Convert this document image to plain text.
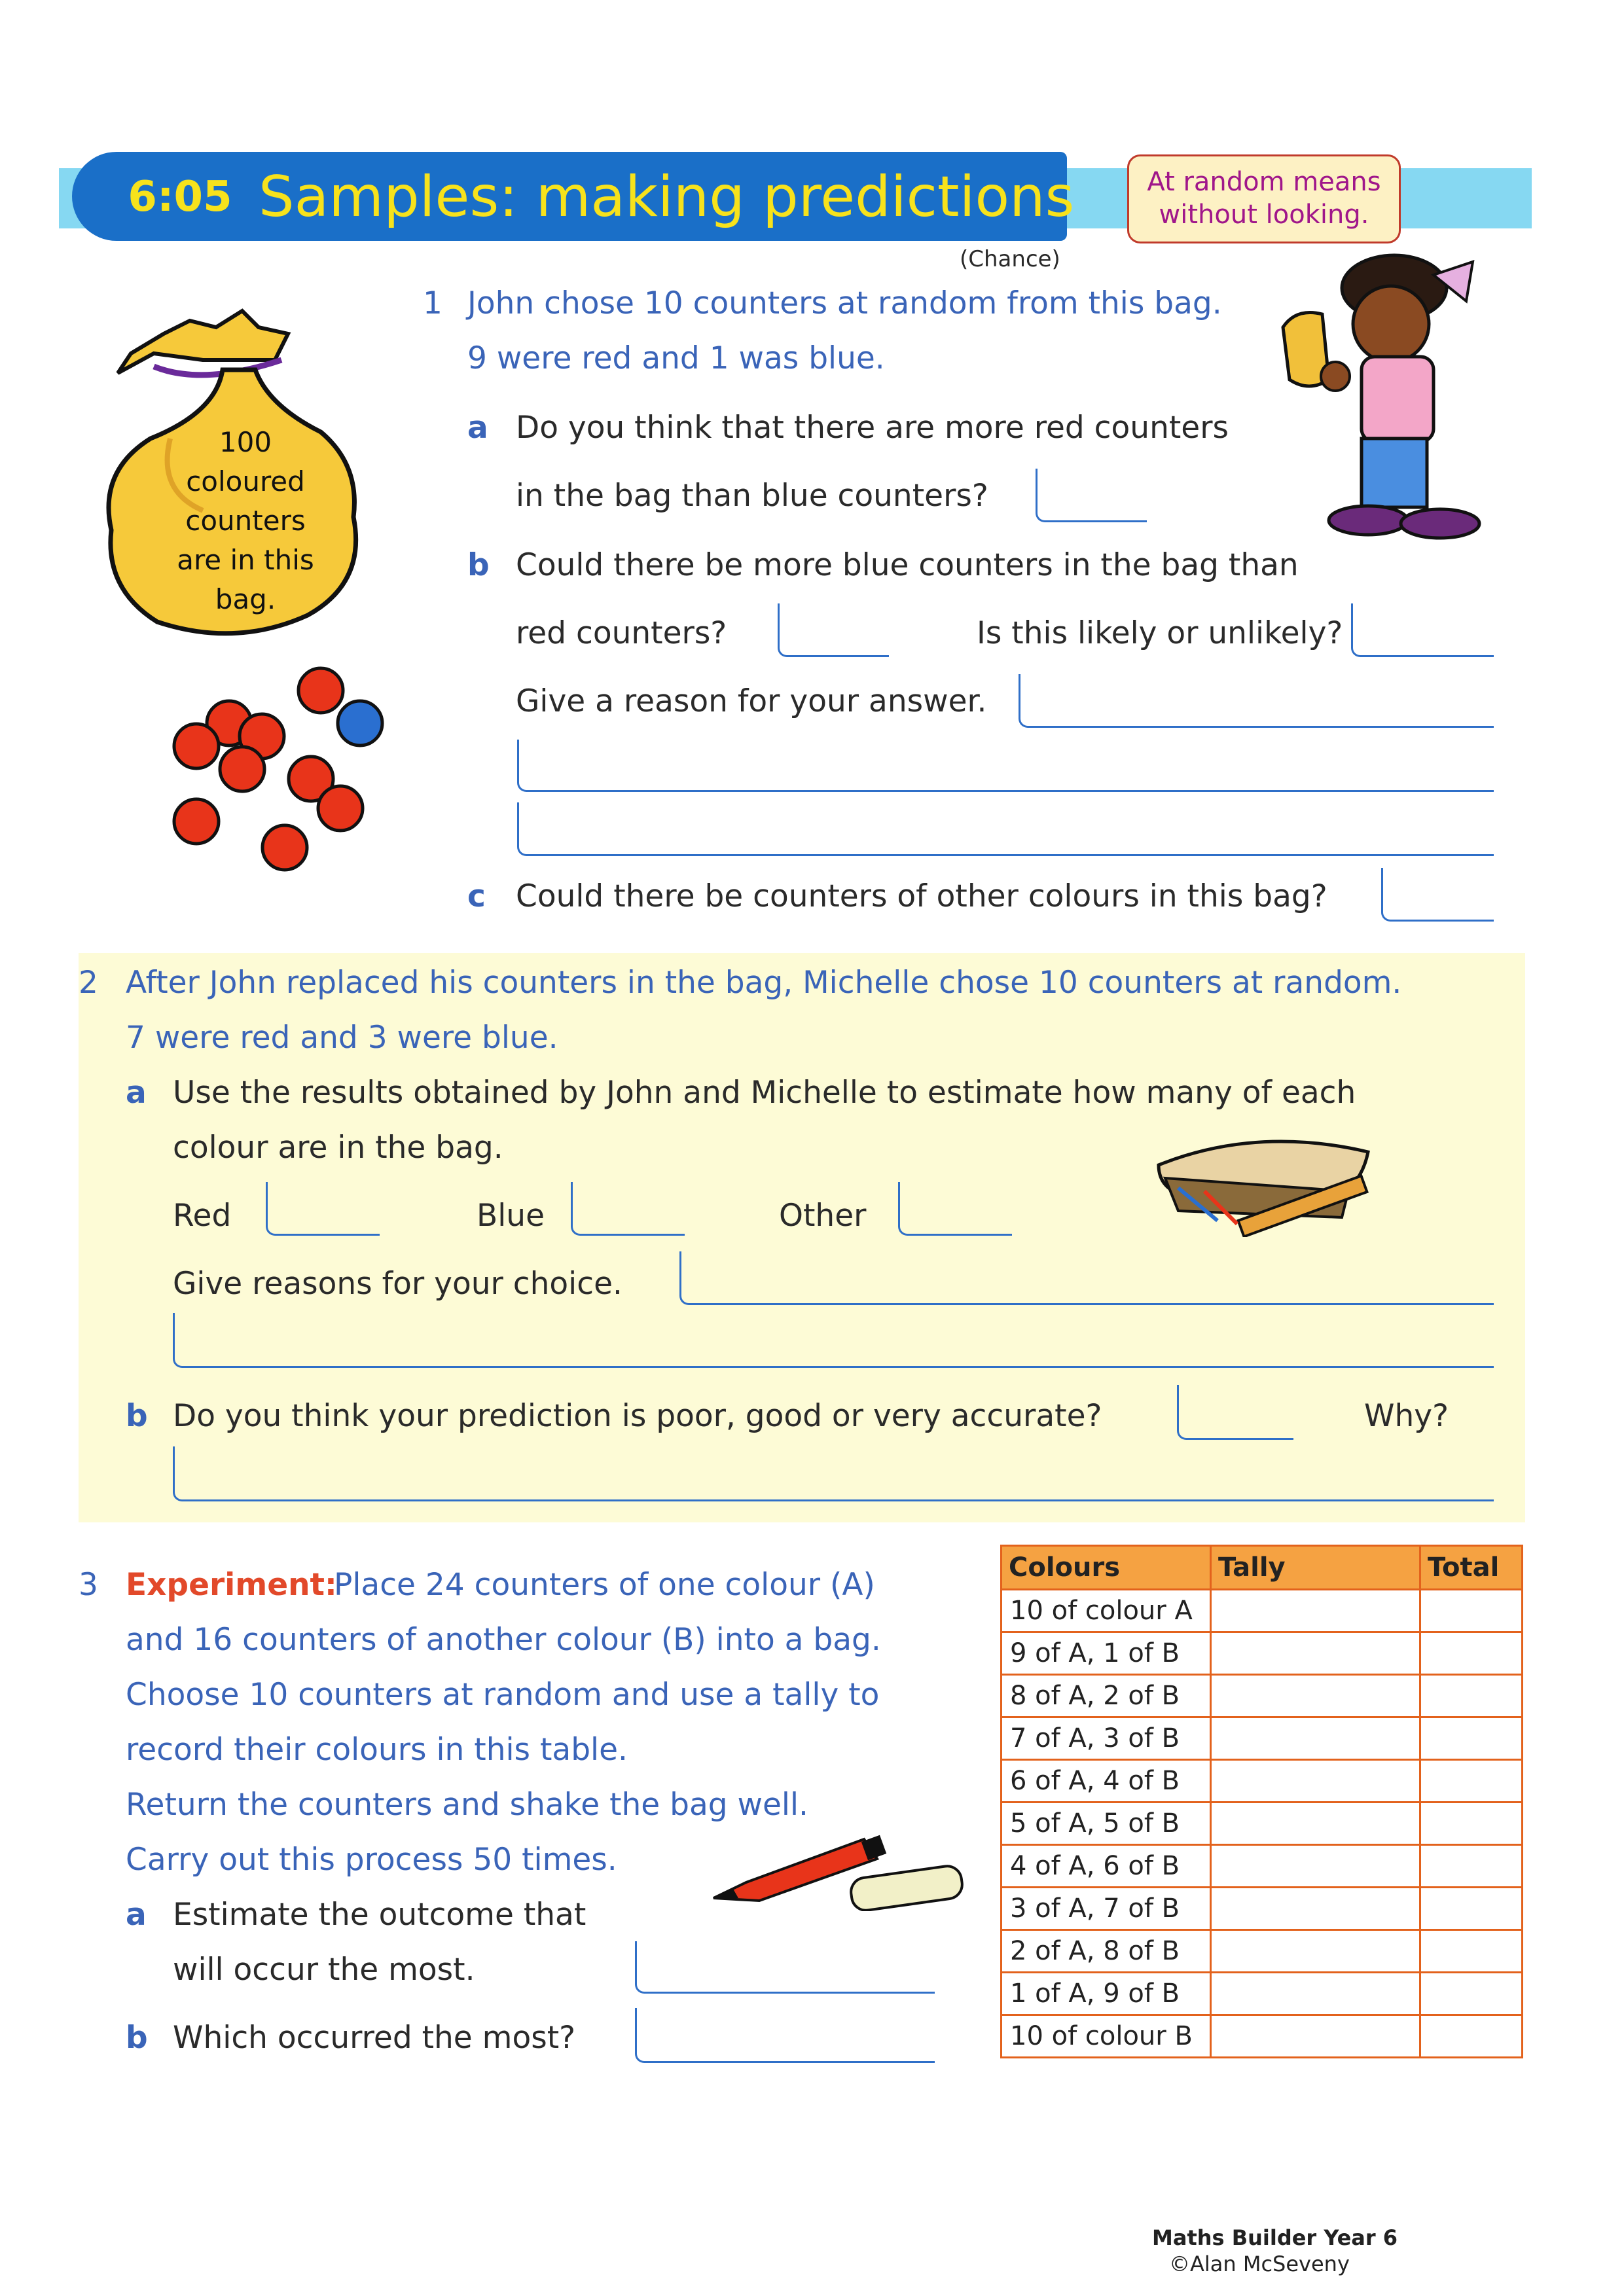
6:05 Samples: making predictions	At random means
without looking.
(Chance)
100
coloured
counters
are in this
bag.
1 John chose 10 counters at random from this bag.
9 were red and 1 was blue.
a Do you think that there are more red counters
in the bag than blue counters?
b Could there be more blue counters in the bag than
red counters?	Is this likely or unlikely?
Give a reason for your answer.
c Could there be counters of other colours in this bag?
2 After John replaced his counters in the bag, Michelle chose 10 counters at random.
7 were red and 3 were blue.
a Use the results obtained by John and Michelle to estimate how many of each
colour are in the bag.
Red	Blue	Other
Give reasons for your choice.
b Do you think your prediction is poor, good or very accurate?	Why?
3 Experiment:
Place 24 counters of one colour (A)
and 16 counters of another colour (B) into a bag.
Choose 10 counters at random and use a tally to
record their colours in this table.
Return the counters and shake the bag well.
Carry out this process 50 times.
a Estimate the outcome that
will occur the most.
b Which occurred the most?
Colours	Tally	Total
10 of colour A		
9 of A, 1 of B		
8 of A, 2 of B		
7 of A, 3 of B		
6 of A, 4 of B		
5 of A, 5 of B		
4 of A, 6 of B		
3 of A, 7 of B		
2 of A, 8 of B		
1 of A, 9 of B		
10 of colour B		
Maths Builder Year 6
©Alan McSeveny
